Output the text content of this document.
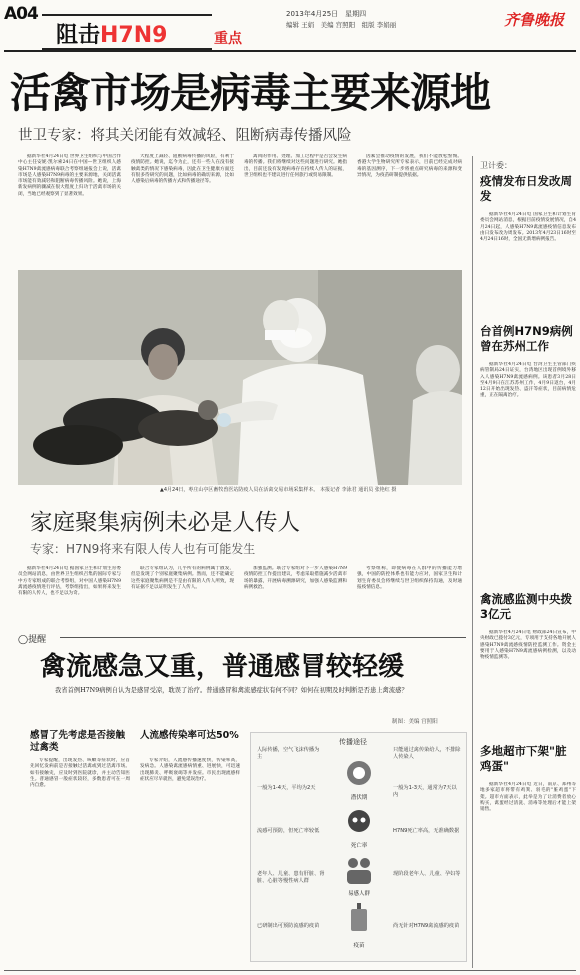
A04
阻击H7N9	重点
2013年4月25日　星期四
编辑 王娟　美编 宫照阳　组版 李娟丽	齐鲁晚报
活禽市场是病毒主要来源地
世卫专家：将其关闭能有效减轻、阻断病毒传播风险

据新华社4月24日电 世界卫生组织与中国合作中心主任安妮·凯尔索24日在中国—世卫组织人感染H7N9禽流感病毒联合考察组通报会上说，活禽市场是人感染H7N9病毒的主要来源地，关闭活禽市场能有效减轻和阻断病毒传播风险。她说，上海新发病例的骤减在很大程度上归功于活禽市场的关闭，当地已经观察到了显著效果。

大程度上减轻、阻断病毒传播的风险，有利于疫情防控。她说，迄今为止，还有一些人在没有接触禽类的情况下感染病毒，因此在卫生健康方面还有很多待研究的问题，比如病毒的确切来源，比如人感染后病毒的传播方式和传播途径等。

禽肉的作用、处理、加工过程中是否会发生病毒的传播。我们将继续对这些问题进行研究。她指出，目前还没有发现病毒存在持续人传人的证据，世卫组织也不建议进行任何旅行或贸易限制。

因素会推动疫情的发展，我们不能放松警惕。香港大学生物研究所专家表示，目前已经完成对病毒的基因测序，下一步将重点研究病毒的来源和变异情况，为疫苗研制提供依据。

▲4月24日，枣庄山亭区畜牧兽医站防疫人员在活禽交易市场采集样本。 本报记者 李泳君 通讯员 张艳红 摄
家庭聚集病例未必是人传人
专家：H7N9将来有限人传人也有可能发生

据新华社4月24日电 据国家卫生和计划生育委员会网站消息，由世界卫生组织召集的国际专家与中方专家组成的联合考察组，对中国人感染H7N9禽流感疫情进行评估，考察组指出，如果将来发生有限的人传人，也不足以为奇。

联合专家组认为，几乎所有的病例属于散发，但是发现了个别家庭聚集病例。然而，还不能确定这些家庭聚集病例是不是由有限的人传人所致，现有证据不足以证明发生了人传人。

加强监测。联合专家组对下一步人感染H7N9疫情防控工作提出建议，考虑采取措施减少活禽市场的暴露，开展病毒溯源研究，加强人感染监测和病例救治。

考察组称，即使病毒在人群中的传播能力增强，中国的防控体系也有能力应对，国家卫生和计划生育委员会将继续与世卫组织保持沟通，及时通报疫情信息。

◯提醒
禽流感急又重，普通感冒较轻缓

我省首例H7N9病例自认为是感冒受凉，耽误了治疗。普通感冒和禽流感症状有何不同？如何在初期及时判断是否患上禽流感？

制图：美编 宫照阳
感冒了先考虑是否接触过禽类

专家提醒，出现发热、咳嗽等症状时，应首先回忆发病前是否接触过活禽或到过活禽市场。如有接触史，应及时到医院就诊，并主动告知医生。普通感冒一般症状较轻，多数患者可在一周内自愈。

人流感传染率可达50%

专家介绍，人流感传播速度快，传染率高，发病急。人感染禽流感病情重、进展快，可迅速出现肺炎、呼吸衰竭等并发症。市民出现流感样症状应尽早就医，避免延误治疗。

传播途径
人际传播，空气飞沫传播为主
一般为1-4天，平均为2天
流感可预防，但死亡率较低
老年人、儿童、患有肝脏、肾脏、心脏等慢性病人群
已研制出可预防流感的疫苗
只能通过禽传染给人，不排除人传染人
一般为1-3天，通常为7天以内
H7N9死亡率高，无准确数据
现阶段老年人、儿童、孕妇等
尚无针对H7N9禽流感的疫苗
潜伏期
死亡率
易感人群
疫苗
卫计委：
疫情发布日发改周发

据新华社4月24日电 国家卫生和计划生育委员会网站消息，根据目前疫情发展情况，自4月24日起，人感染H7N9禽流感疫情信息发布由日发布改为周发布。2013年4月23日16时至4月24日16时，全国无新增病例报告。

台首例H7N9病例曾在苏州工作

据新华社4月24日电 台湾卫生主管部门疾病管制局24日证实，台湾地区出现首例境外移入人感染H7N9禽流感病例。该患者3月28日至4月9日在江苏苏州工作，4月9日返台，4月12日开始出现发热、盗汗等症状，目前病情危重，正在隔离治疗。

禽流感监测中央拨3亿元

据新华社4月24日电 财政部24日宣布，中央财政已拨付3亿元，专项用于支持各地开展人感染H7N9禽流感疫情防控监测工作。资金主要用于人感染H7N9禽流感病例检测，以及动物疫情监测等。

多地超市下架"脏鸡蛋"

据新华社4月24日电 近日，南京、郑州等地多家超市将带有鸡粪、羽毛的"脏鸡蛋"下架。超市方面表示，此举是为了让消费者放心购买，禽蛋经过清洗、消毒等处理后才能上架销售。
